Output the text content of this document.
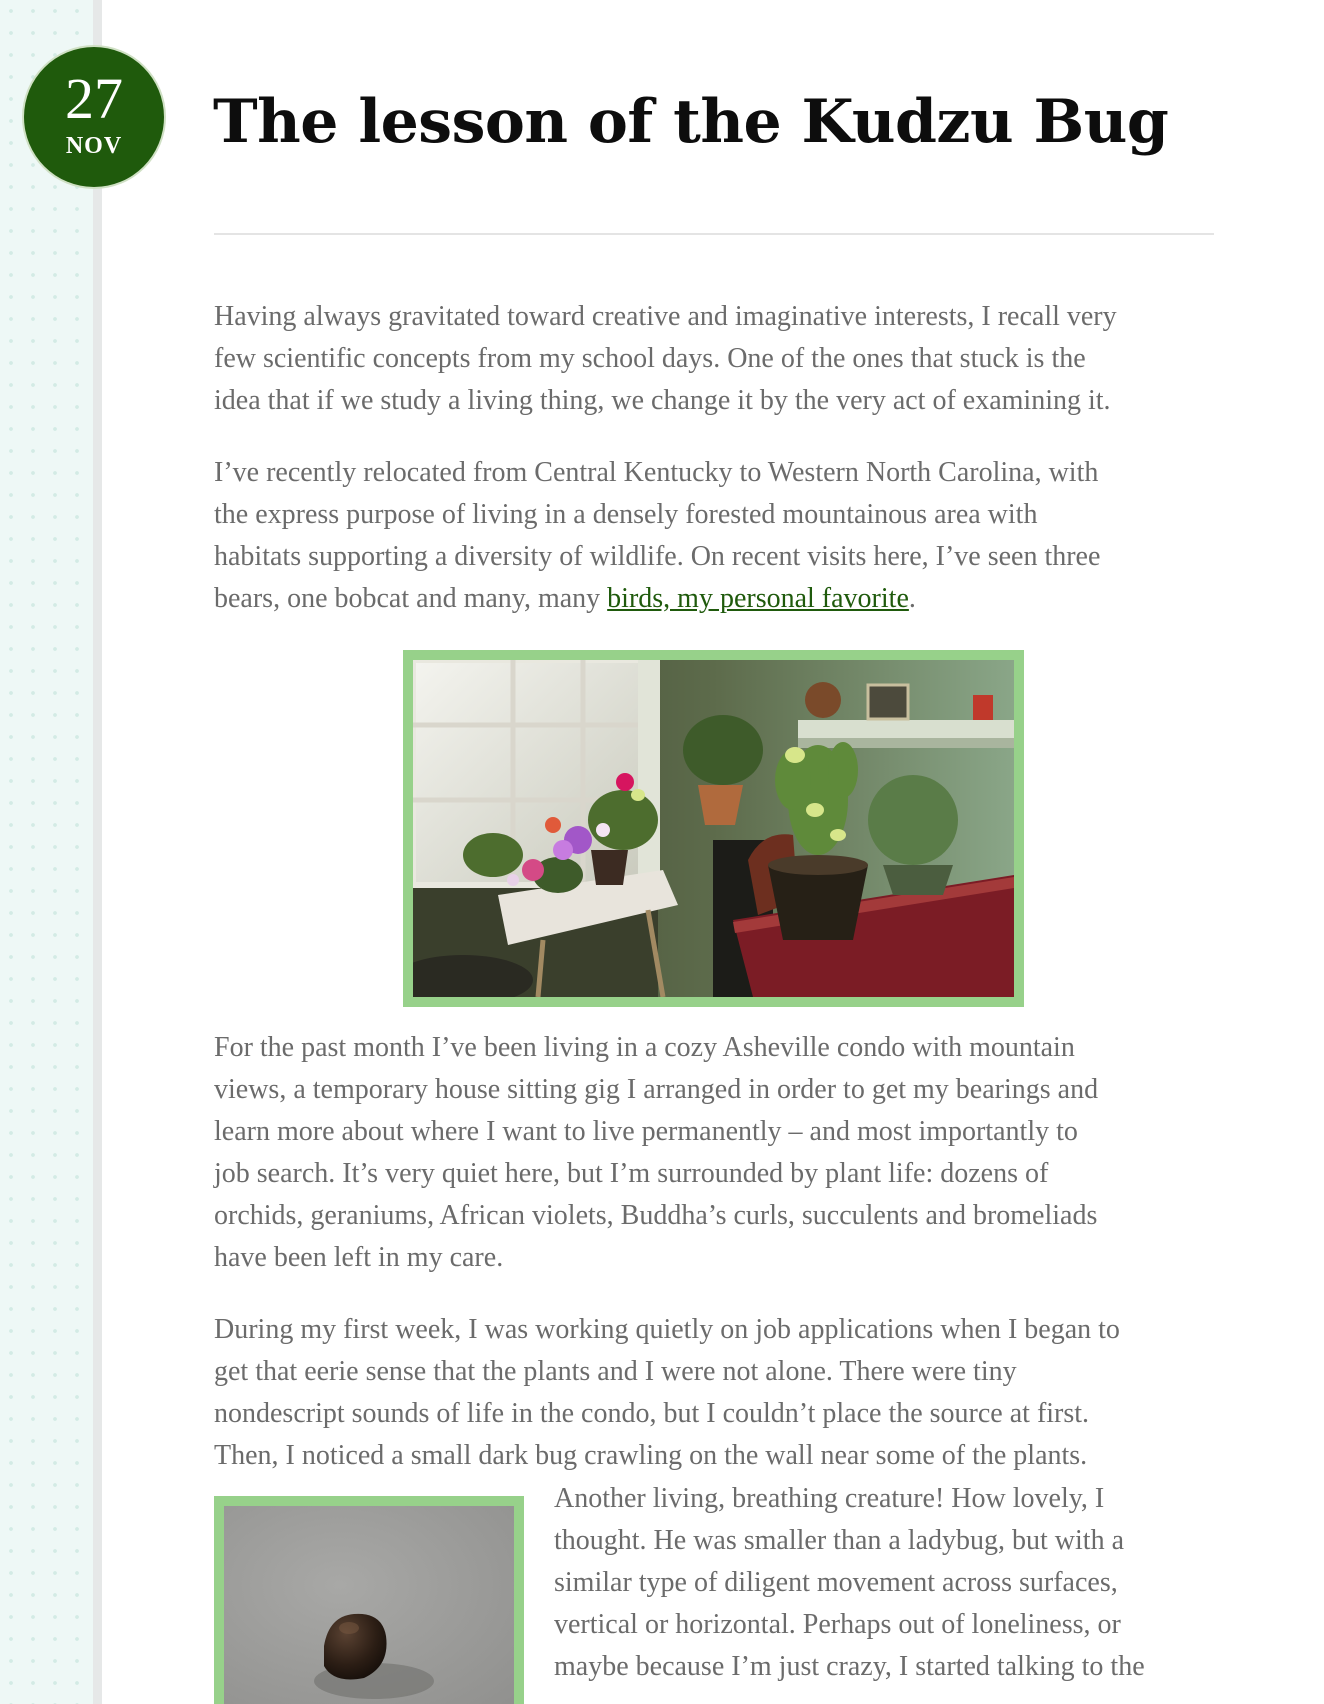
27
NOV	The lesson of the Kudzu Bug

Having always gravitated toward creative and imaginative interests, I recall very
few scientific concepts from my school days. One of the ones that stuck is the
idea that if we study a living thing, we change it by the very act of examining it.

I’ve recently relocated from Central Kentucky to Western North Carolina, with
the express purpose of living in a densely forested mountainous area with
habitats supporting a diversity of wildlife. On recent visits here, I’ve seen three
bears, one bobcat and many, many birds, my personal favorite.

For the past month I’ve been living in a cozy Asheville condo with mountain
views, a temporary house sitting gig I arranged in order to get my bearings and
learn more about where I want to live permanently – and most importantly to
job search. It’s very quiet here, but I’m surrounded by plant life: dozens of
orchids, geraniums, African violets, Buddha’s curls, succulents and bromeliads
have been left in my care.

During my first week, I was working quietly on job applications when I began to
get that eerie sense that the plants and I were not alone. There were tiny
nondescript sounds of life in the condo, but I couldn’t place the source at first.
Then, I noticed a small dark bug crawling on the wall near some of the plants.

Another living, breathing creature! How lovely, I
thought. He was smaller than a ladybug, but with a
similar type of diligent movement across surfaces,
vertical or horizontal. Perhaps out of loneliness, or
maybe because I’m just crazy, I started talking to the
